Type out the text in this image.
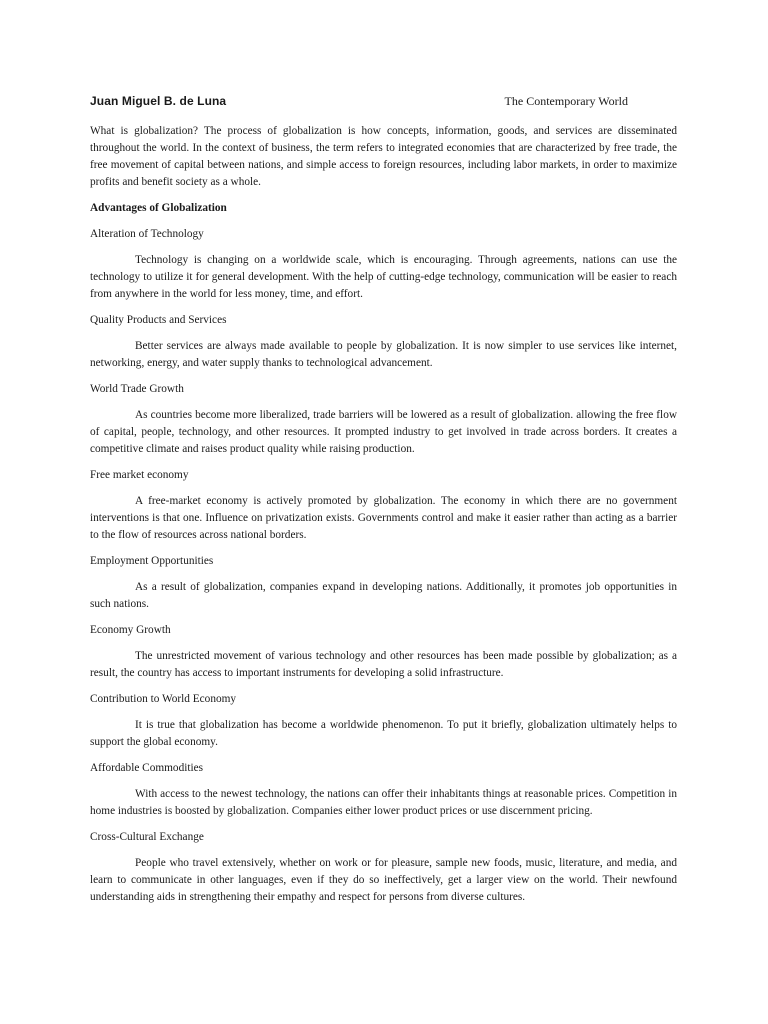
Juan Miguel B. de Luna	The Contemporary World

What is globalization? The process of globalization is how concepts, information, goods, and services are disseminated throughout the world. In the context of business, the term refers to integrated economies that are characterized by free trade, the free movement of capital between nations, and simple access to foreign resources, including labor markets, in order to maximize profits and benefit society as a whole.

Advantages of Globalization
Alteration of Technology

Technology is changing on a worldwide scale, which is encouraging. Through agreements, nations can use the technology to utilize it for general development. With the help of cutting-edge technology, communication will be easier to reach from anywhere in the world for less money, time, and effort.

Quality Products and Services

Better services are always made available to people by globalization. It is now simpler to use services like internet, networking, energy, and water supply thanks to technological advancement.

World Trade Growth

As countries become more liberalized, trade barriers will be lowered as a result of globalization. allowing the free flow of capital, people, technology, and other resources. It prompted industry to get involved in trade across borders. It creates a competitive climate and raises product quality while raising production.

Free market economy

A free-market economy is actively promoted by globalization. The economy in which there are no government interventions is that one. Influence on privatization exists. Governments control and make it easier rather than acting as a barrier to the flow of resources across national borders.

Employment Opportunities

As a result of globalization, companies expand in developing nations. Additionally, it promotes job opportunities in such nations.

Economy Growth

The unrestricted movement of various technology and other resources has been made possible by globalization; as a result, the country has access to important instruments for developing a solid infrastructure.

Contribution to World Economy

It is true that globalization has become a worldwide phenomenon. To put it briefly, globalization ultimately helps to support the global economy.

Affordable Commodities

With access to the newest technology, the nations can offer their inhabitants things at reasonable prices. Competition in home industries is boosted by globalization. Companies either lower product prices or use discernment pricing.

Cross-Cultural Exchange

People who travel extensively, whether on work or for pleasure, sample new foods, music, literature, and media, and learn to communicate in other languages, even if they do so ineffectively, get a larger view on the world. Their newfound understanding aids in strengthening their empathy and respect for persons from diverse cultures.
